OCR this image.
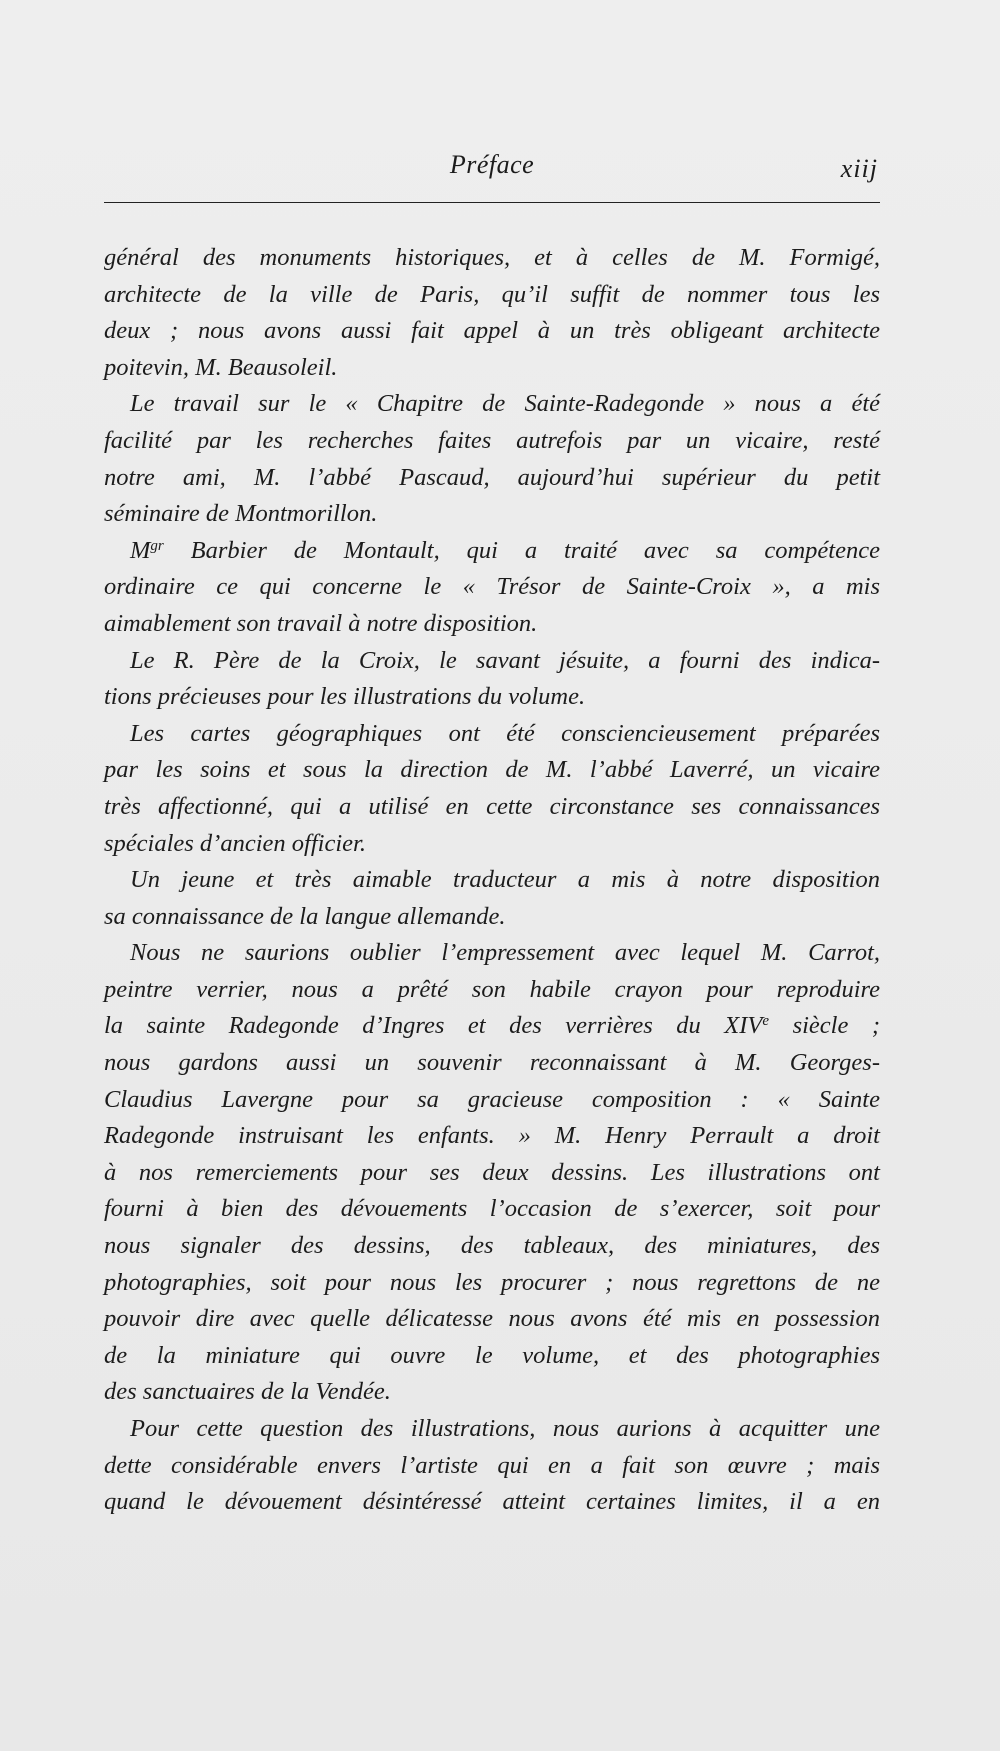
Préface	xiij
général des monuments historiques, et à celles de M. Formigé,
architecte de la ville de Paris, qu’il suffit de nommer tous les
deux ; nous avons aussi fait appel à un très obligeant architecte
poitevin, M. Beausoleil.
Le travail sur le « Chapitre de Sainte-Radegonde » nous a été
facilité par les recherches faites autrefois par un vicaire, resté
notre ami, M. l’abbé Pascaud, aujourd’hui supérieur du petit
séminaire de Montmorillon.
$M^{gr}$ Barbier de Montault, qui a traité avec sa compétence
ordinaire ce qui concerne le « Trésor de Sainte-Croix », a mis
aimablement son travail à notre disposition.
Le R. Père de la Croix, le savant jésuite, a fourni des indica-
tions précieuses pour les illustrations du volume.
Les cartes géographiques ont été consciencieusement préparées
par les soins et sous la direction de M. l’abbé Laverré, un vicaire
très affectionné, qui a utilisé en cette circonstance ses connaissances
spéciales d’ancien officier.
Un jeune et très aimable traducteur a mis à notre disposition
sa connaissance de la langue allemande.
Nous ne saurions oublier l’empressement avec lequel M. Carrot,
peintre verrier, nous a prêté son habile crayon pour reproduire
la sainte Radegonde d’Ingres et des verrières du XIVe siècle ;
nous gardons aussi un souvenir reconnaissant à M. Georges-
Claudius Lavergne pour sa gracieuse composition : « Sainte
Radegonde instruisant les enfants. » M. Henry Perrault a droit
à nos remerciements pour ses deux dessins. Les illustrations ont
fourni à bien des dévouements l’occasion de s’exercer, soit pour
nous signaler des dessins, des tableaux, des miniatures, des
photographies, soit pour nous les procurer ; nous regrettons de ne
pouvoir dire avec quelle délicatesse nous avons été mis en possession
de la miniature qui ouvre le volume, et des photographies
des sanctuaires de la Vendée.
Pour cette question des illustrations, nous aurions à acquitter une
dette considérable envers l’artiste qui en a fait son œuvre ; mais
quand le dévouement désintéressé atteint certaines limites, il a en
